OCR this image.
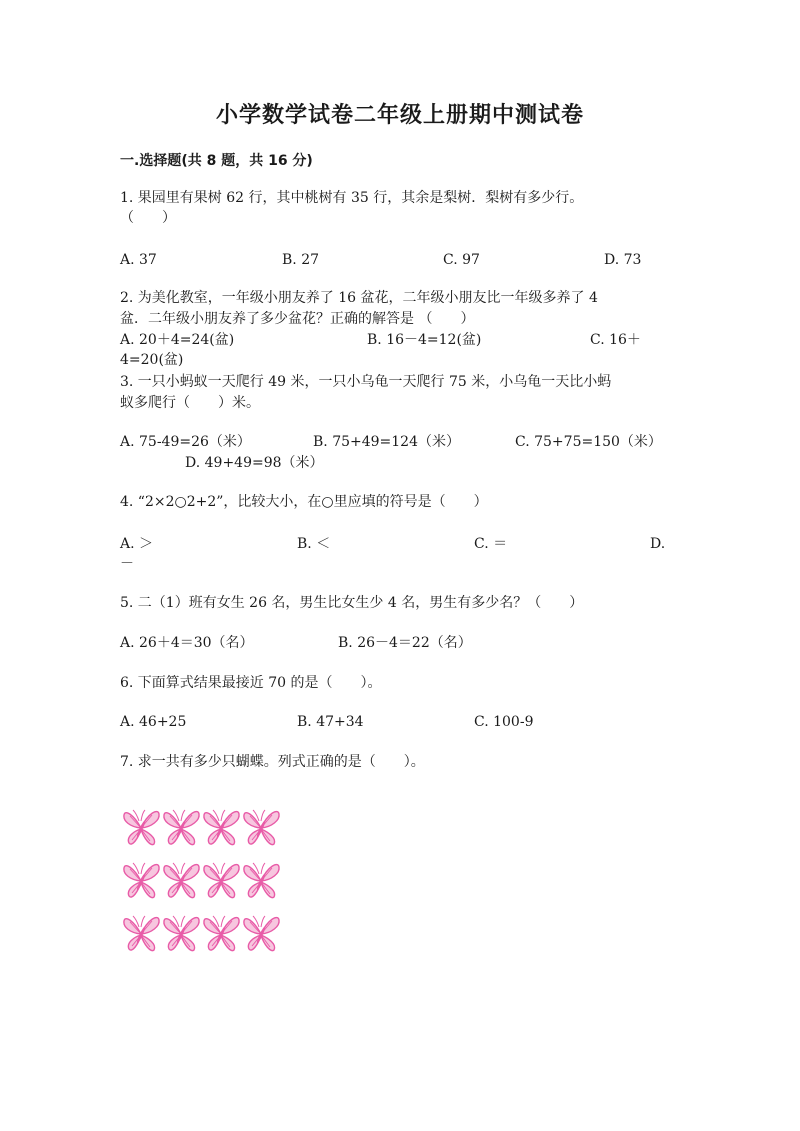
小学数学试卷二年级上册期中测试卷
一.选择题(共 8 题，共 16 分)
1. 果园里有果树 62 行，其中桃树有 35 行，其余是梨树．梨树有多少行。
（　　）
A. 37	B. 27	C. 97	D. 73
2. 为美化教室，一年级小朋友养了 16 盆花，二年级小朋友比一年级多养了 4
盆．二年级小朋友养了多少盆花？正确的解答是 （　　）
A. 20＋4=24(盆)	B. 16－4=12(盆)	C. 16＋
4=20(盆)
3. 一只小蚂蚁一天爬行 49 米，一只小乌龟一天爬行 75 米，小乌龟一天比小蚂
蚁多爬行（　　）米。
A. 75-49=26（米）	B. 75+49=124（米）	C. 75+75=150（米）
D. 49+49=98（米）
4. “2×2○2+2”，比较大小，在○里应填的符号是（　　）
A. ＞	B. ＜	C. ＝	D.
－
5. 二（1）班有女生 26 名，男生比女生少 4 名，男生有多少名？（　　）
A. 26＋4＝30（名）	B. 26－4＝22（名）
6. 下面算式结果最接近 70 的是（　　）。
A. 46+25	B. 47+34	C. 100-9
7. 求一共有多少只蝴蝶。列式正确的是（　　）。
